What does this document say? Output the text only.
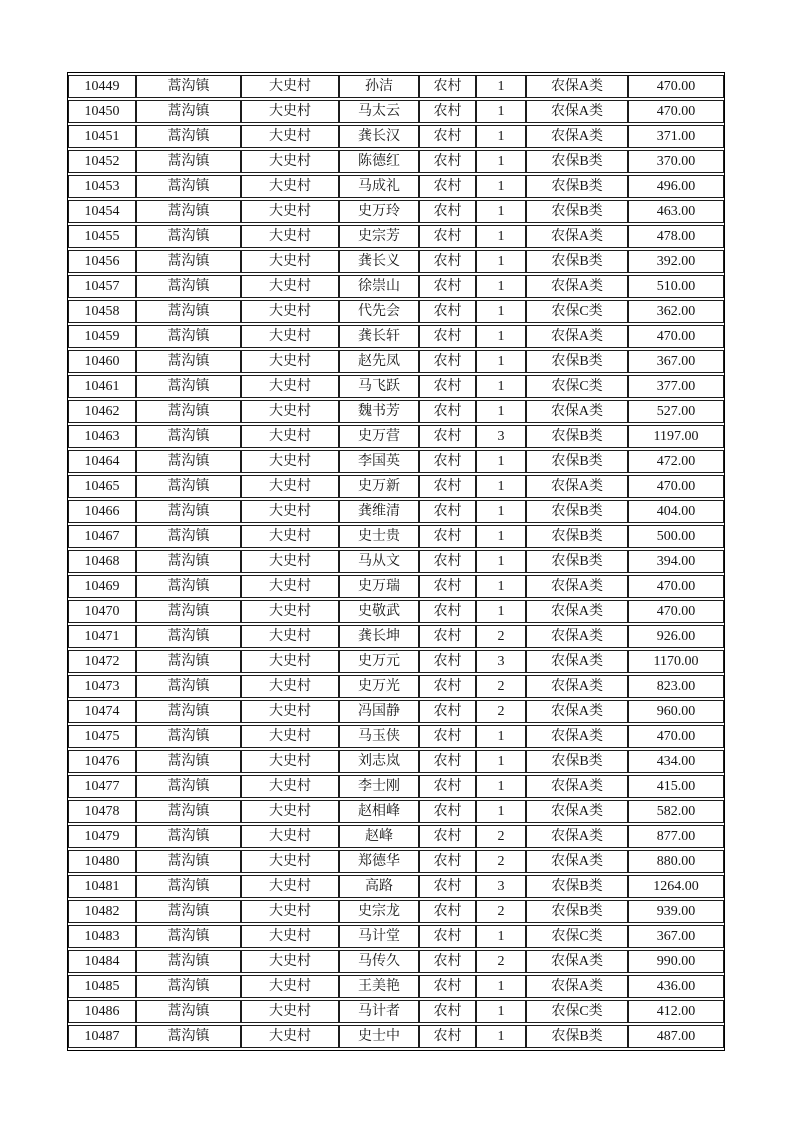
10449	蒿沟镇	大史村	孙洁	农村	1	农保A类	470.00
10450	蒿沟镇	大史村	马太云	农村	1	农保A类	470.00
10451	蒿沟镇	大史村	龚长汉	农村	1	农保A类	371.00
10452	蒿沟镇	大史村	陈德红	农村	1	农保B类	370.00
10453	蒿沟镇	大史村	马成礼	农村	1	农保B类	496.00
10454	蒿沟镇	大史村	史万玲	农村	1	农保B类	463.00
10455	蒿沟镇	大史村	史宗芳	农村	1	农保A类	478.00
10456	蒿沟镇	大史村	龚长义	农村	1	农保B类	392.00
10457	蒿沟镇	大史村	徐崇山	农村	1	农保A类	510.00
10458	蒿沟镇	大史村	代先会	农村	1	农保C类	362.00
10459	蒿沟镇	大史村	龚长轩	农村	1	农保A类	470.00
10460	蒿沟镇	大史村	赵先凤	农村	1	农保B类	367.00
10461	蒿沟镇	大史村	马飞跃	农村	1	农保C类	377.00
10462	蒿沟镇	大史村	魏书芳	农村	1	农保A类	527.00
10463	蒿沟镇	大史村	史万营	农村	3	农保B类	1197.00
10464	蒿沟镇	大史村	李国英	农村	1	农保B类	472.00
10465	蒿沟镇	大史村	史万新	农村	1	农保A类	470.00
10466	蒿沟镇	大史村	龚维清	农村	1	农保B类	404.00
10467	蒿沟镇	大史村	史士贵	农村	1	农保B类	500.00
10468	蒿沟镇	大史村	马从文	农村	1	农保B类	394.00
10469	蒿沟镇	大史村	史万瑞	农村	1	农保A类	470.00
10470	蒿沟镇	大史村	史敬武	农村	1	农保A类	470.00
10471	蒿沟镇	大史村	龚长坤	农村	2	农保A类	926.00
10472	蒿沟镇	大史村	史万元	农村	3	农保A类	1170.00
10473	蒿沟镇	大史村	史万光	农村	2	农保A类	823.00
10474	蒿沟镇	大史村	冯国静	农村	2	农保A类	960.00
10475	蒿沟镇	大史村	马玉侠	农村	1	农保A类	470.00
10476	蒿沟镇	大史村	刘志岚	农村	1	农保B类	434.00
10477	蒿沟镇	大史村	李士刚	农村	1	农保A类	415.00
10478	蒿沟镇	大史村	赵相峰	农村	1	农保A类	582.00
10479	蒿沟镇	大史村	赵峰	农村	2	农保A类	877.00
10480	蒿沟镇	大史村	郑德华	农村	2	农保A类	880.00
10481	蒿沟镇	大史村	高路	农村	3	农保B类	1264.00
10482	蒿沟镇	大史村	史宗龙	农村	2	农保B类	939.00
10483	蒿沟镇	大史村	马计堂	农村	1	农保C类	367.00
10484	蒿沟镇	大史村	马传久	农村	2	农保A类	990.00
10485	蒿沟镇	大史村	王美艳	农村	1	农保A类	436.00
10486	蒿沟镇	大史村	马计者	农村	1	农保C类	412.00
10487	蒿沟镇	大史村	史士中	农村	1	农保B类	487.00
